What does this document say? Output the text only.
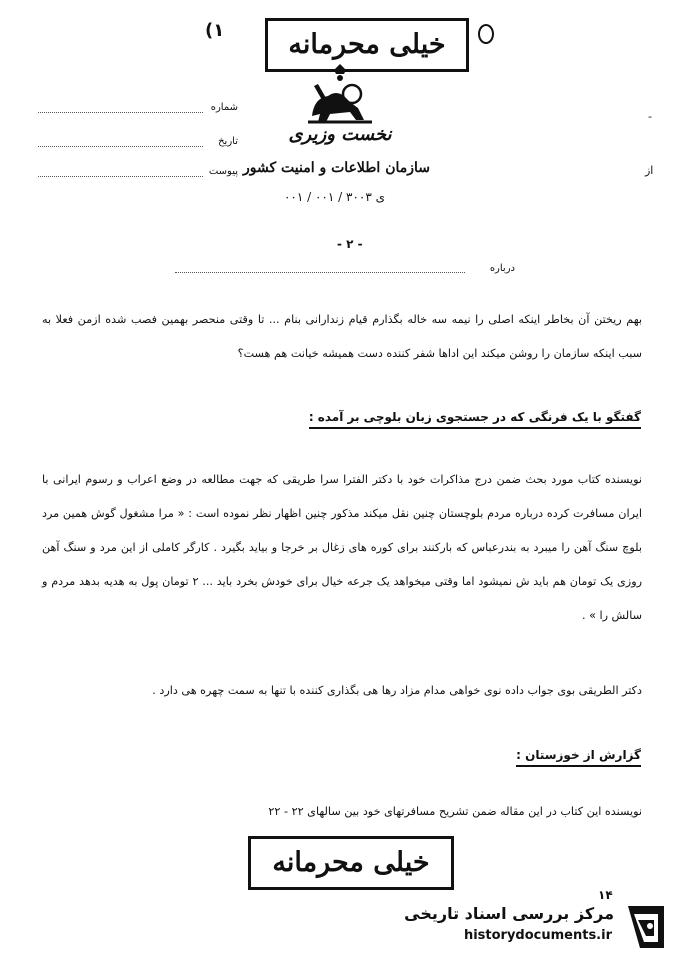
(١	خیلی محرمانه
نخست وزیری
سازمان اطلاعات و امنیت کشور
ی ۳۰۰۳ / ۰۰۱ / ۰۰۱
شماره
تاریخ
پیوست
-
از
- ۲ -
درباره

بهم ریختن آن بخاطر اینکه اصلی را نیمه سه خاله بگذارم قیام زندارانی بنام ... تا وقتی منحصر بهمین فصب شده ازمن فعلا به سبب اینکه سازمان را روشن میکند این اداها شفر کننده دست همیشه خیانت هم هست؟

گفتگو با یک فرنگی که در جستجوی زبان بلوچی بر آمده :

نویسنده کتاب مورد بحث ضمن درج مذاکرات خود با دکتر الفترا سرا طریقی که جهت مطالعه در وضع اعراب و رسوم ایرانی با ایران مسافرت کرده درباره مردم بلوچستان چنین نقل میکند مذکور چنین اظهار نظر نموده است : « مرا مشغول گوش همین مرد بلوچ سنگ آهن را میبرد به بندرعباس که بارکنند برای کوره های زغال بر خرجا و بیاید بگیرد . کارگر کاملی از این مرد و سنگ آهن روزی یک تومان هم باید ش نمیشود اما وقتی میخواهد یک جرعه خیال برای خودش بخرد باید ... ۲ تومان پول به هدیه بدهد مردم و سالش را » .

دکتر الطریقی بوی جواب داده نوی خواهی مدام مزاد رها هی بگذاری کننده با تنها به سمت چهره هی دارد .

گزارش از خوزستان :

نویسنده این کتاب در این مقاله ضمن تشریح مسافرتهای خود بین سالهای ۲۲ - ۲۲

خیلی محرمانه
۱۴
مرکز بررسی اسناد تاریخی
historydocuments.ir
